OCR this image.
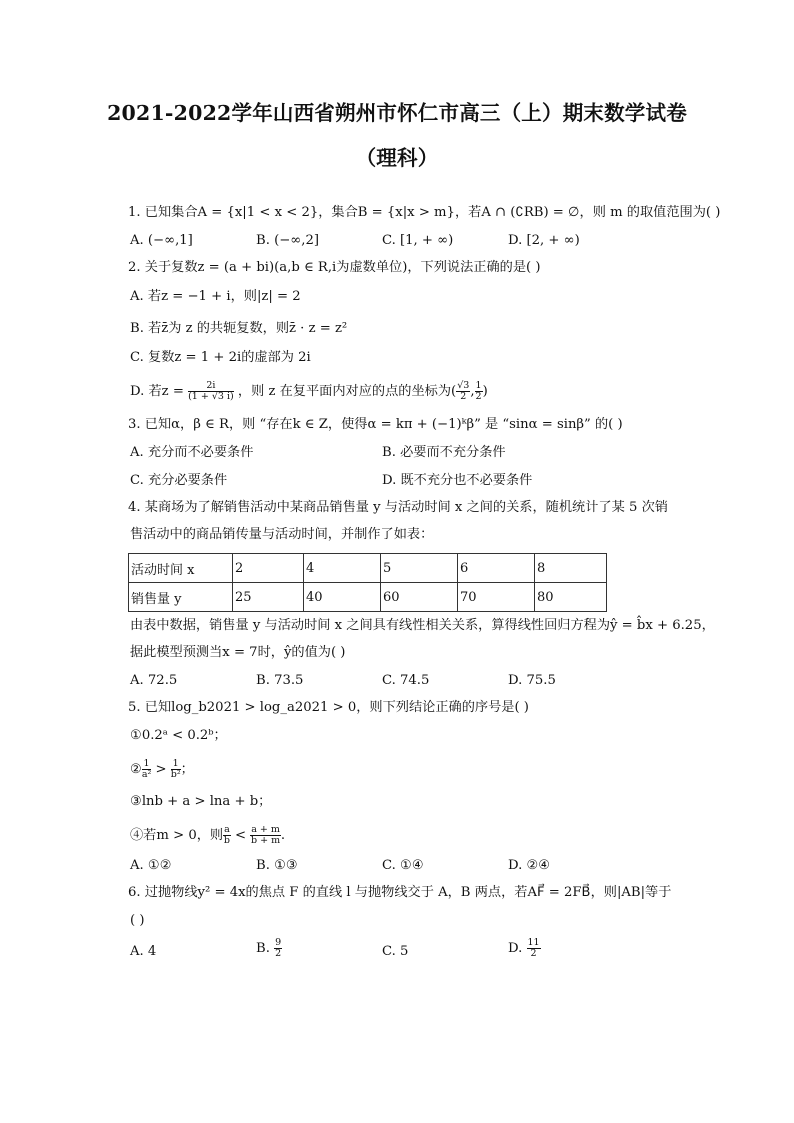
2021-2022学年山西省朔州市怀仁市高三（上）期末数学试卷
（理科）
1. 已知集合A = {x|1 < x < 2}，集合B = {x|x > m}，若A ∩ (∁RB) = ∅，则 m 的取值范围为( )
A. (−∞,1]	B. (−∞,2]	C. [1, + ∞)	D. [2, + ∞)
2. 关于复数z = (a + bi)(a,b ∈ R,i为虚数单位)，下列说法正确的是( )
A. 若z = −1 + i，则|z| = 2
B. 若z̄为 z 的共轭复数，则z̄ · z = z²
C. 复数z = 1 + 2i的虚部为 2i
D. 若$z = \frac{2i}{(1 + √3 i)}$ ，则 z 在复平面内对应的点的坐标为( $\frac{√3}{2}$ , $\frac{1}{2}$ )
3. 已知α，β ∈ R，则 “存在k ∈ Z，使得α = kπ + (−1)ᵏβ” 是 “sinα = sinβ” 的( )
A. 充分而不必要条件	B. 必要而不充分条件
C. 充分必要条件	D. 既不充分也不必要条件
4. 某商场为了解销售活动中某商品销售量 y 与活动时间 x 之间的关系，随机统计了某 5 次销
售活动中的商品销传量与活动时间，并制作了如表：
活动时间 x	2	4	5	6	8
销售量 y	25	40	60	70	80
由表中数据，销售量 y 与活动时间 x 之间具有线性相关关系，算得线性回归方程为ŷ = b̂x + 6.25，
据此模型预测当x = 7时，ŷ的值为( )
A. 72.5	B. 73.5	C. 74.5	D. 75.5
5. 已知log_b2021 > log_a2021 > 0，则下列结论正确的序号是( )
①0.2ᵃ < 0.2ᵇ；
② $\frac{1}{\text{a²}} > \frac{1}{\text{b²}}$ ；
③lnb + a > lna + b；
④若m > 0，则 $\frac{a}{b} < \frac{a + m}{b + m}$ .
A. ①②	B. ①③	C. ①④	D. ②④
6. 过抛物线y² = 4x的焦点 F 的直线 l 与抛物线交于 A，B 两点，若AF⃗ = 2FB⃗，则|AB|等于
( )
A. 4	B. $\frac{9}{2}$	C. 5	D. $\frac{11}{2}$
